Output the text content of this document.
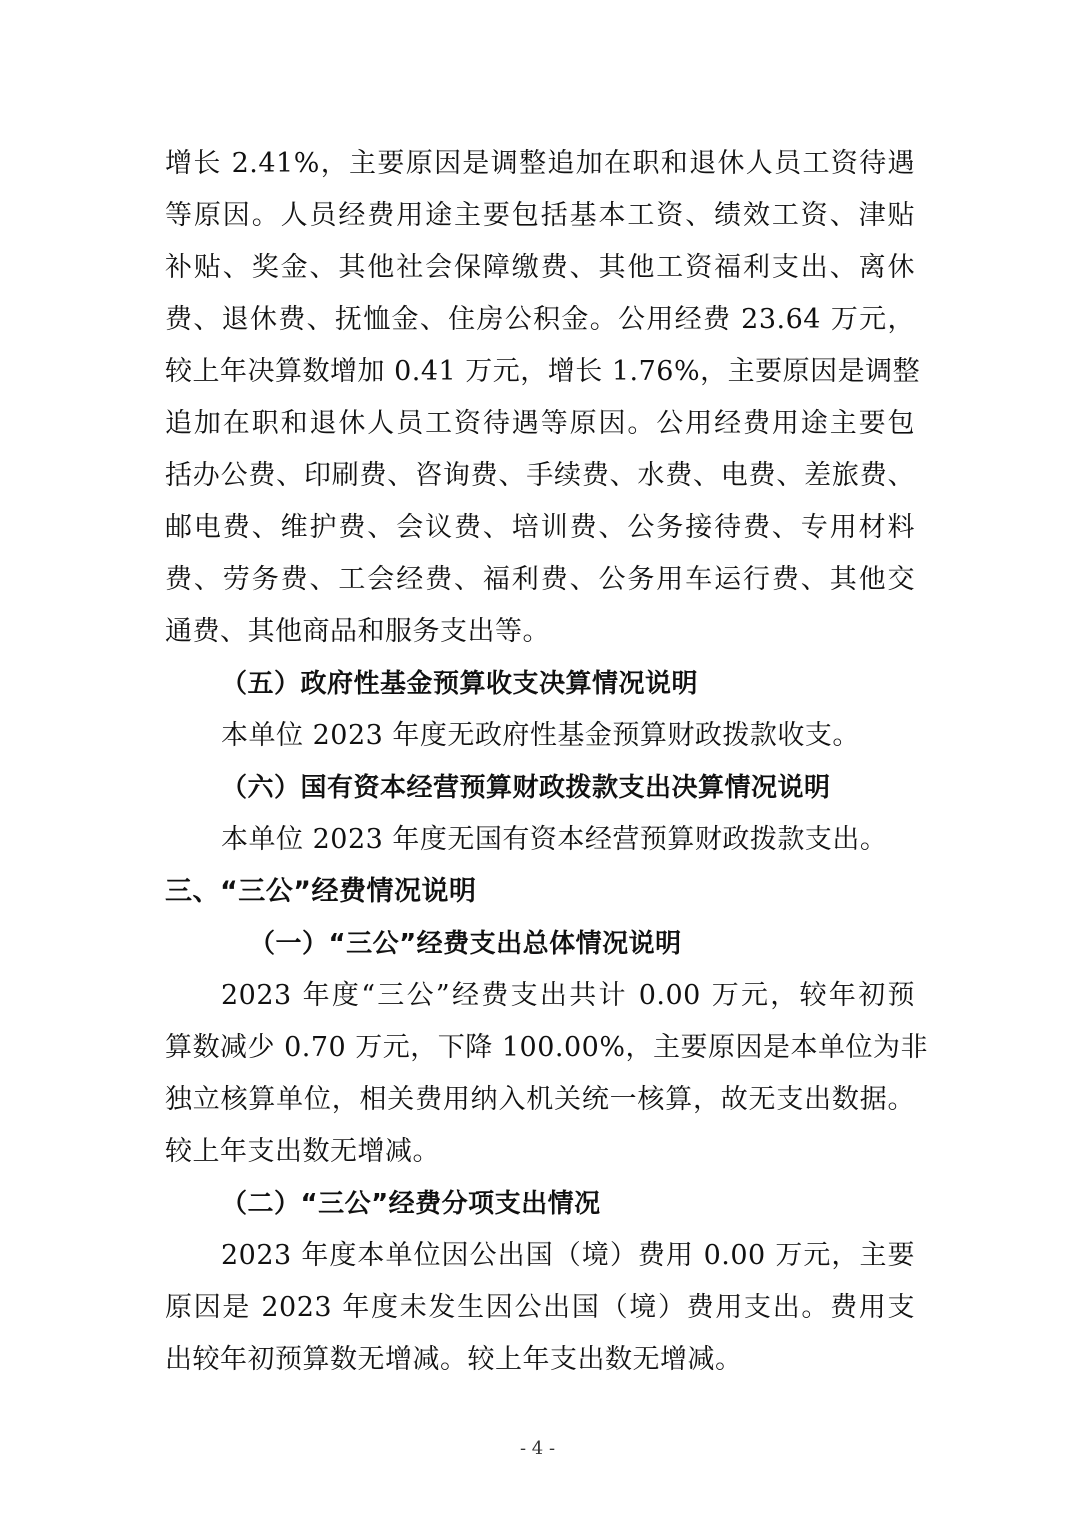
增长 2.41%，主要原因是调整追加在职和退休人员工资待遇
等原因。人员经费用途主要包括基本工资、绩效工资、津贴
补贴、奖金、其他社会保障缴费、其他工资福利支出、离休
费、退休费、抚恤金、住房公积金。公用经费 23.64 万元，
较上年决算数增加 0.41 万元，增长 1.76%，主要原因是调整
追加在职和退休人员工资待遇等原因。公用经费用途主要包
括办公费、印刷费、咨询费、手续费、水费、电费、差旅费、
邮电费、维护费、会议费、培训费、公务接待费、专用材料
费、劳务费、工会经费、福利费、公务用车运行费、其他交
通费、其他商品和服务支出等。
（五）政府性基金预算收支决算情况说明
本单位 2023 年度无政府性基金预算财政拨款收支。
（六）国有资本经营预算财政拨款支出决算情况说明
本单位 2023 年度无国有资本经营预算财政拨款支出。
三、“三公”经费情况说明
（一）“三公”经费支出总体情况说明
2023 年度“三公”经费支出共计 0.00 万元，较年初预
算数减少 0.70 万元，下降 100.00%，主要原因是本单位为非
独立核算单位，相关费用纳入机关统一核算，故无支出数据。
较上年支出数无增减。
（二）“三公”经费分项支出情况
2023 年度本单位因公出国（境）费用 0.00 万元，主要
原因是 2023 年度未发生因公出国（境）费用支出。费用支
出较年初预算数无增减。较上年支出数无增减。
- 4 -
